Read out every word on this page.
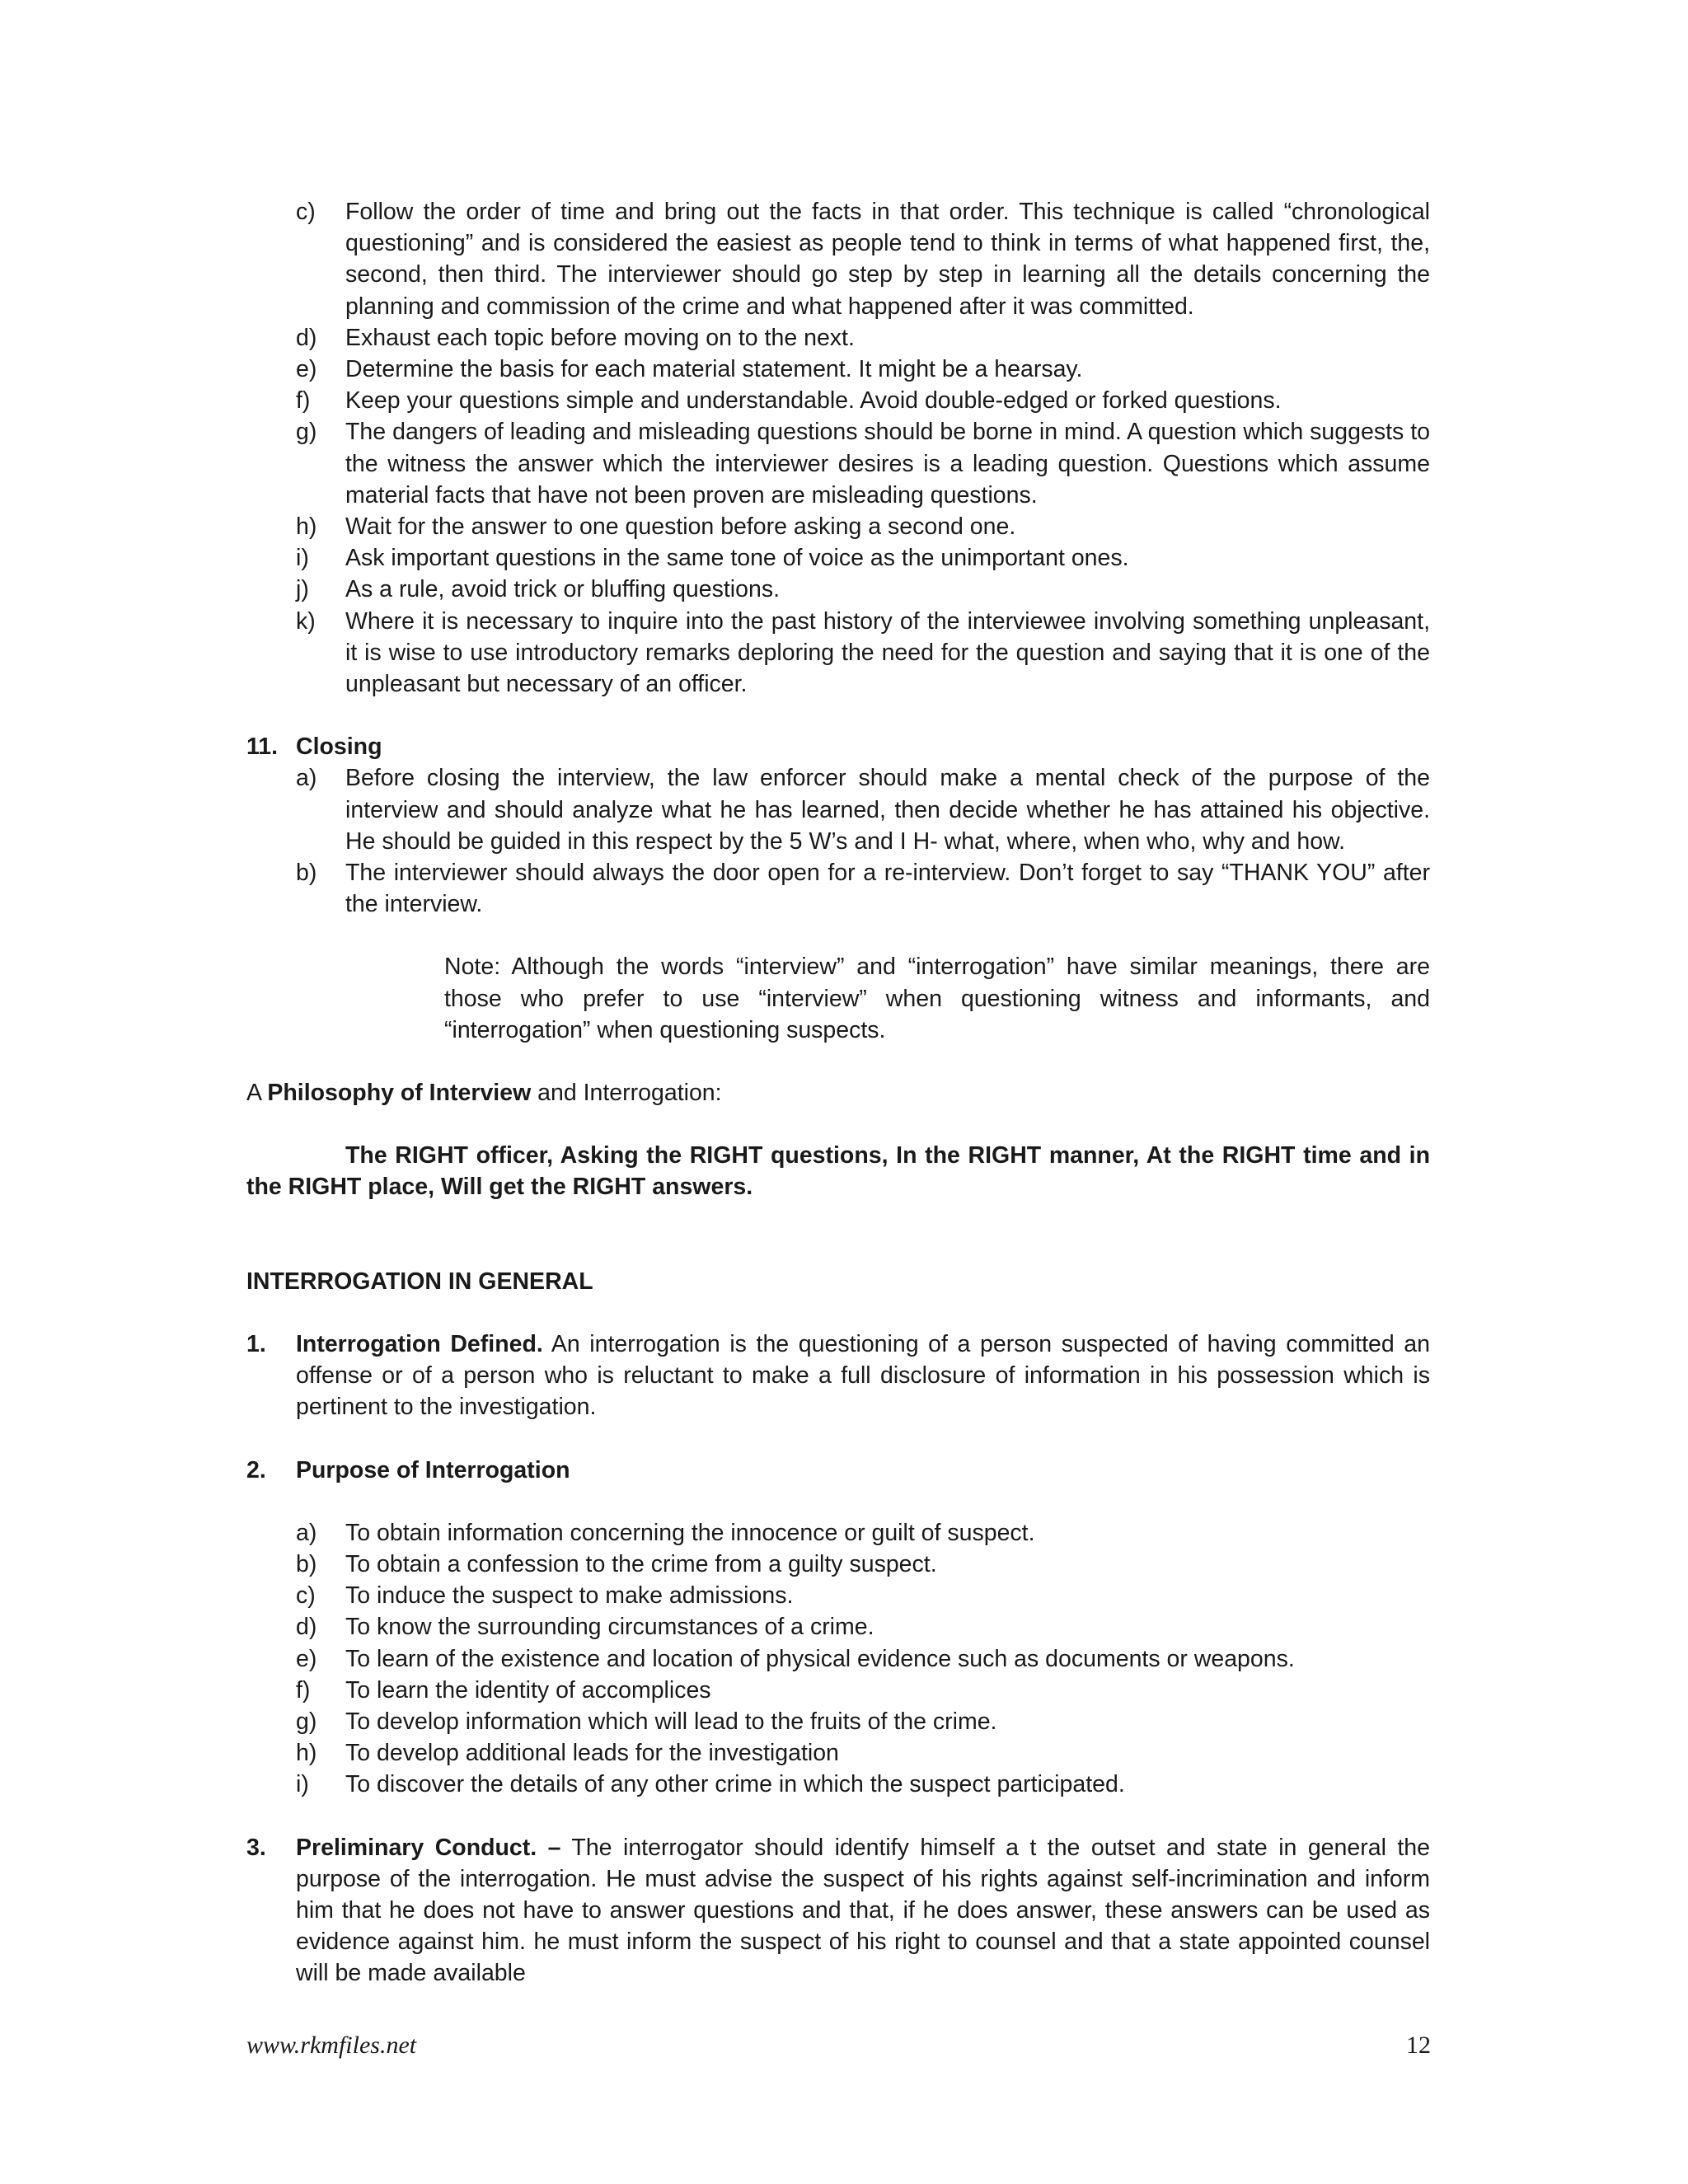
c) Follow the order of time and bring out the facts in that order. This technique is called “chronological questioning” and is considered the easiest as people tend to think in terms of what happened first, the, second, then third. The interviewer should go step by step in learning all the details concerning the planning and commission of the crime and what happened after it was committed.
d) Exhaust each topic before moving on to the next.
e) Determine the basis for each material statement. It might be a hearsay.
f) Keep your questions simple and understandable. Avoid double-edged or forked questions.
g) The dangers of leading and misleading questions should be borne in mind. A question which suggests to the witness the answer which the interviewer desires is a leading question. Questions which assume material facts that have not been proven are misleading questions.
h) Wait for the answer to one question before asking a second one.
i) Ask important questions in the same tone of voice as the unimportant ones.
j) As a rule, avoid trick or bluffing questions.
k) Where it is necessary to inquire into the past history of the interviewee involving something unpleasant, it is wise to use introductory remarks deploring the need for the question and saying that it is one of the unpleasant but necessary of an officer.
11. Closing
a) Before closing the interview, the law enforcer should make a mental check of the purpose of the interview and should analyze what he has learned, then decide whether he has attained his objective. He should be guided in this respect by the 5 W’s and I H- what, where, when who, why and how.
b) The interviewer should always the door open for a re-interview. Don’t forget to say “THANK YOU” after the interview.
Note: Although the words “interview” and “interrogation” have similar meanings, there are those who prefer to use “interview” when questioning witness and informants, and “interrogation” when questioning suspects.
A Philosophy of Interview and Interrogation:
The RIGHT officer, Asking the RIGHT questions, In the RIGHT manner, At the RIGHT time and in the RIGHT place, Will get the RIGHT answers.
INTERROGATION IN GENERAL
1. Interrogation Defined. An interrogation is the questioning of a person suspected of having committed an offense or of a person who is reluctant to make a full disclosure of information in his possession which is pertinent to the investigation.
2. Purpose of Interrogation
a) To obtain information concerning the innocence or guilt of suspect.
b) To obtain a confession to the crime from a guilty suspect.
c) To induce the suspect to make admissions.
d) To know the surrounding circumstances of a crime.
e) To learn of the existence and location of physical evidence such as documents or weapons.
f) To learn the identity of accomplices
g) To develop information which will lead to the fruits of the crime.
h) To develop additional leads for the investigation
i) To discover the details of any other crime in which the suspect participated.
3. Preliminary Conduct. – The interrogator should identify himself a t the outset and state in general the purpose of the interrogation. He must advise the suspect of his rights against self-incrimination and inform him that he does not have to answer questions and that, if he does answer, these answers can be used as evidence against him. he must inform the suspect of his right to counsel and that a state appointed counsel will be made available
www.rkmfiles.net	12
